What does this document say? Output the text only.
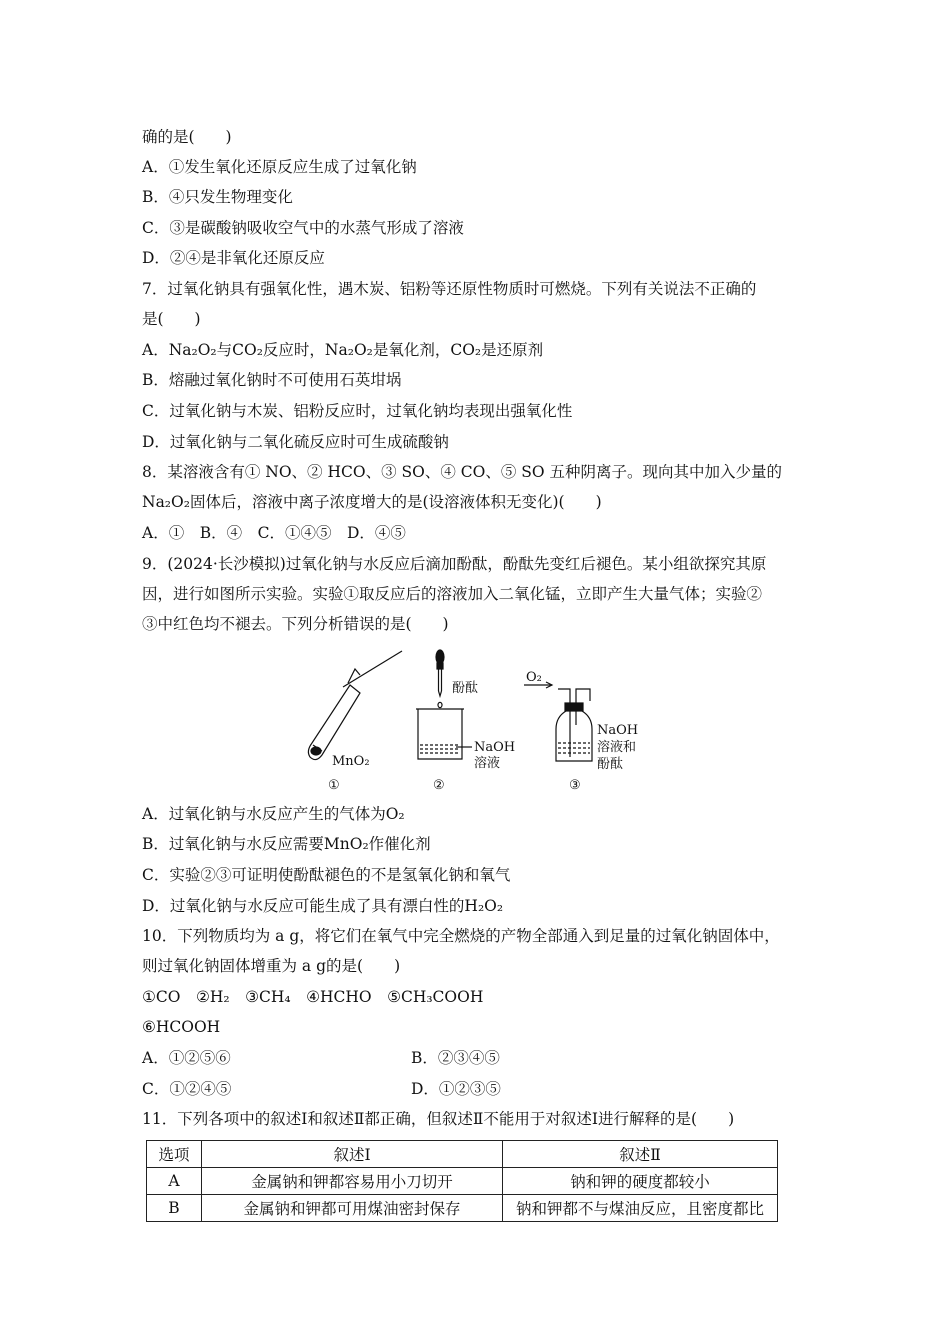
确的是(　　)
A．①发生氧化还原反应生成了过氧化钠
B．④只发生物理变化
C．③是碳酸钠吸收空气中的水蒸气形成了溶液
D．②④是非氧化还原反应
7．过氧化钠具有强氧化性，遇木炭、铝粉等还原性物质时可燃烧。下列有关说法不正确的
是(　　)
A．Na₂O₂与CO₂反应时，Na₂O₂是氧化剂，CO₂是还原剂
B．熔融过氧化钠时不可使用石英坩埚
C．过氧化钠与木炭、铝粉反应时，过氧化钠均表现出强氧化性
D．过氧化钠与二氧化硫反应时可生成硫酸钠
8．某溶液含有① NO、② HCO、③ SO、④ CO、⑤ SO 五种阴离子。现向其中加入少量的
Na₂O₂固体后，溶液中离子浓度增大的是(设溶液体积无变化)(　　)
A．①　B．④　C．①④⑤　D．④⑤
9．(2024·长沙模拟)过氧化钠与水反应后滴加酚酞，酚酞先变红后褪色。某小组欲探究其原
因，进行如图所示实验。实验①取反应后的溶液加入二氧化锰，立即产生大量气体；实验②
③中红色均不褪去。下列分析错误的是(　　)
MnO₂
酚酞
NaOH
溶液
O₂
NaOH
溶液和
酚酞
①	②	③
A．过氧化钠与水反应产生的气体为O₂
B．过氧化钠与水反应需要MnO₂作催化剂
C．实验②③可证明使酚酞褪色的不是氢氧化钠和氧气
D．过氧化钠与水反应可能生成了具有漂白性的H₂O₂
10．下列物质均为 a g，将它们在氧气中完全燃烧的产物全部通入到足量的过氧化钠固体中，
则过氧化钠固体增重为 a g的是(　　)
①CO　②H₂　③CH₄　④HCHO　⑤CH₃COOH
⑥HCOOH
A．①②⑤⑥	B．②③④⑤
C．①②④⑤	D．①②③⑤
11．下列各项中的叙述Ⅰ和叙述Ⅱ都正确，但叙述Ⅱ不能用于对叙述Ⅰ进行解释的是(　　)
选项	叙述Ⅰ	叙述Ⅱ
A	金属钠和钾都容易用小刀切开	钠和钾的硬度都较小
B	金属钠和钾都可用煤油密封保存	钠和钾都不与煤油反应，且密度都比
